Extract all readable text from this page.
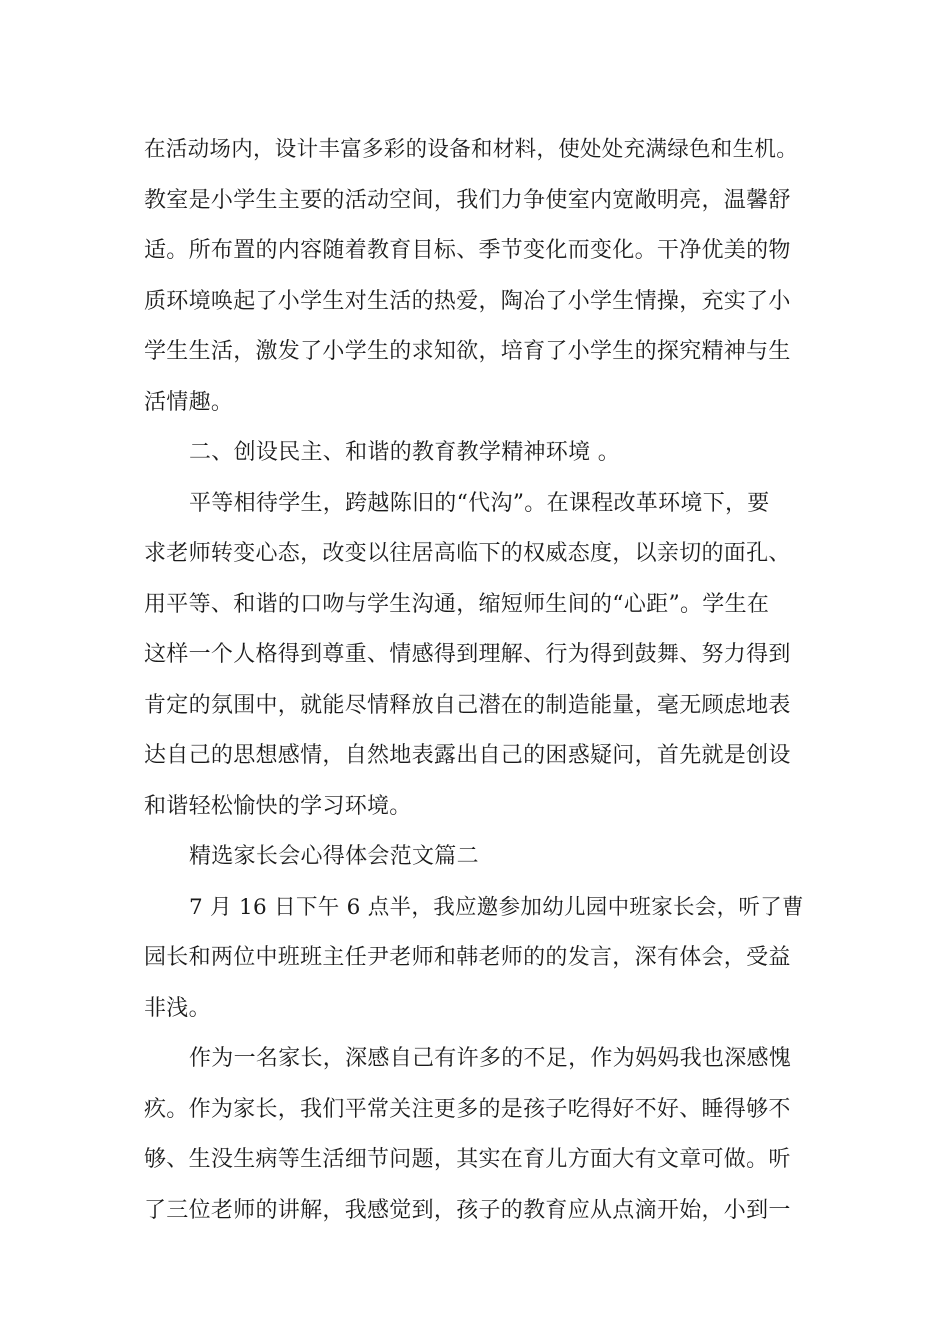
在活动场内，设计丰富多彩的设备和材料，使处处充满绿色和生机。
教室是小学生主要的活动空间，我们力争使室内宽敞明亮，温馨舒
适。所布置的内容随着教育目标、季节变化而变化。干净优美的物
质环境唤起了小学生对生活的热爱，陶冶了小学生情操，充实了小
学生生活，激发了小学生的求知欲，培育了小学生的探究精神与生
活情趣。
二、创设民主、和谐的教育教学精神环境 。
平等相待学生，跨越陈旧的“代沟”。在课程改革环境下，要
求老师转变心态，改变以往居高临下的权威态度，以亲切的面孔、
用平等、和谐的口吻与学生沟通，缩短师生间的“心距”。学生在
这样一个人格得到尊重、情感得到理解、行为得到鼓舞、努力得到
肯定的氛围中，就能尽情释放自己潜在的制造能量，毫无顾虑地表
达自己的思想感情，自然地表露出自己的困惑疑问，首先就是创设
和谐轻松愉快的学习环境。
精选家长会心得体会范文篇二
7 月 16 日下午 6 点半，我应邀参加幼儿园中班家长会，听了曹
园长和两位中班班主任尹老师和韩老师的的发言，深有体会，受益
非浅。
作为一名家长，深感自己有许多的不足，作为妈妈我也深感愧
疚。作为家长，我们平常关注更多的是孩子吃得好不好、睡得够不
够、生没生病等生活细节问题，其实在育儿方面大有文章可做。听
了三位老师的讲解，我感觉到，孩子的教育应从点滴开始，小到一
